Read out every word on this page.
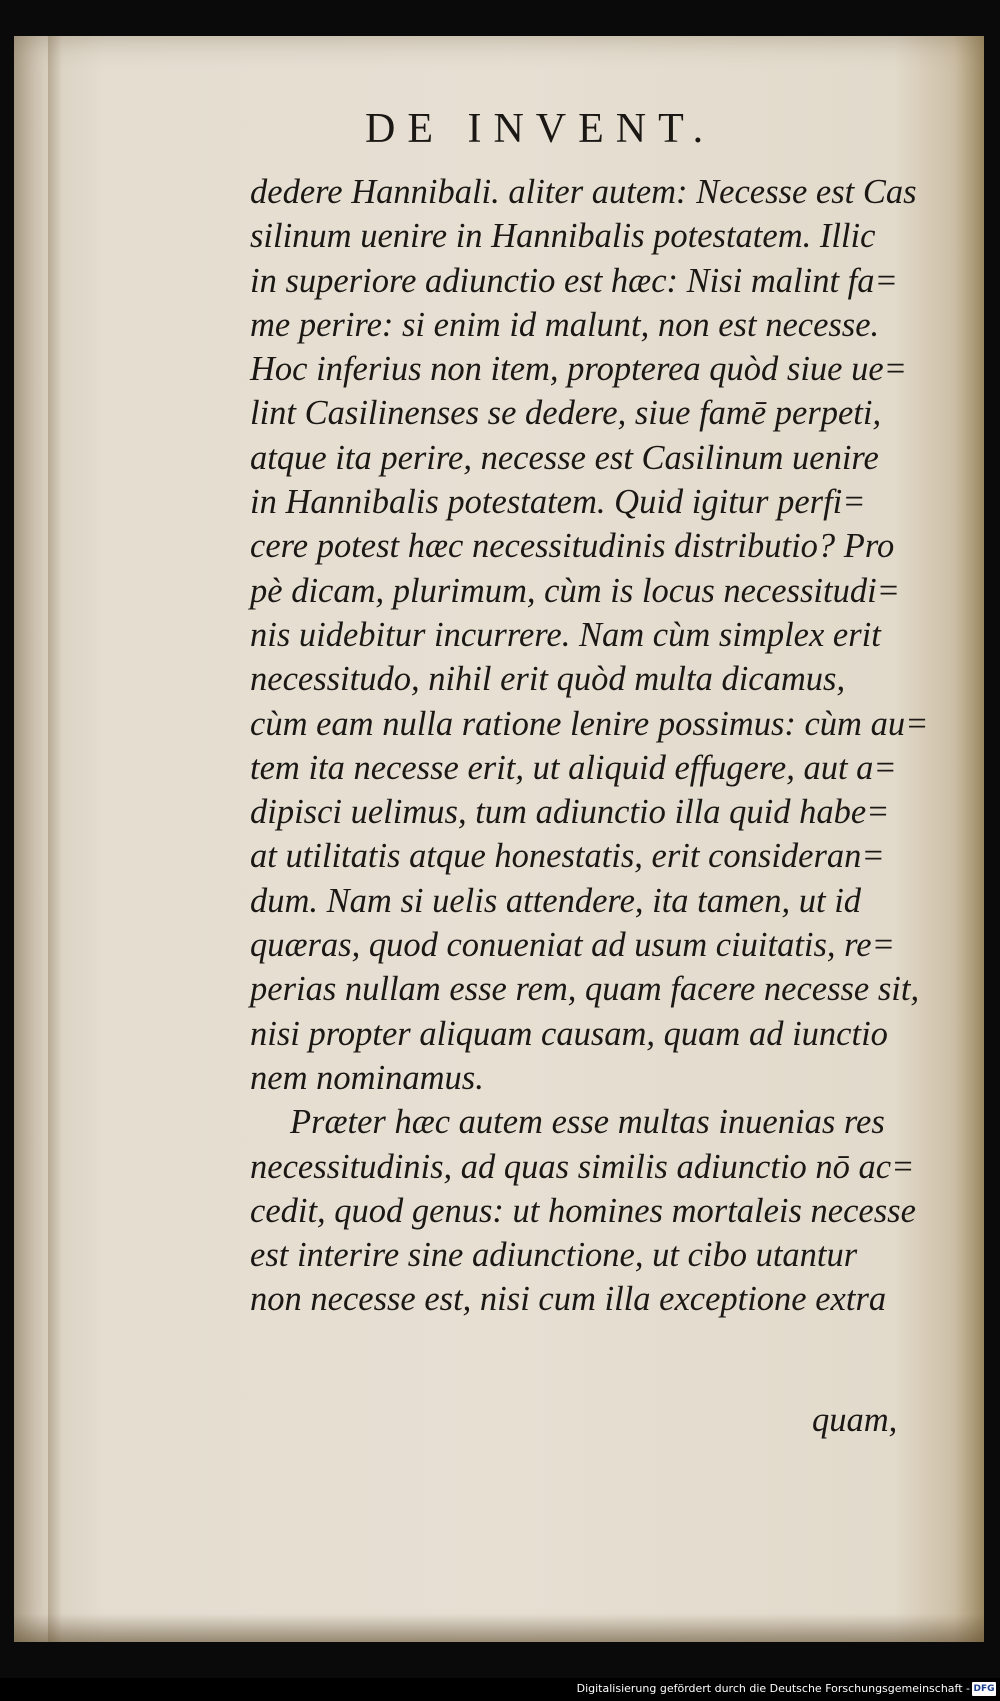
DE INVENT.
dedere Hannibali. aliter autem: Necesse est Cas
silinum uenire in Hannibalis potestatem. Illic
in superiore adiunctio est hæc: Nisi malint fa=
me perire: si enim id malunt, non est necesse.
Hoc inferius non item, propterea quòd siue ue=
lint Casilinenses se dedere, siue famē perpeti,
atque ita perire, necesse est Casilinum uenire
in Hannibalis potestatem. Quid igitur perfi=
cere potest hæc necessitudinis distributio? Pro
pè dicam, plurimum, cùm is locus necessitudi=
nis uidebitur incurrere. Nam cùm simplex erit
necessitudo, nihil erit quòd multa dicamus,
cùm eam nulla ratione lenire possimus: cùm au=
tem ita necesse erit, ut aliquid effugere, aut a=
dipisci uelimus, tum adiunctio illa quid habe=
at utilitatis atque honestatis, erit consideran=
dum. Nam si uelis attendere, ita tamen, ut id
quæras, quod conueniat ad usum ciuitatis, re=
perias nullam esse rem, quam facere necesse sit,
nisi propter aliquam causam, quam ad iunctio
nem nominamus.
Præter hæc autem esse multas inuenias res
necessitudinis, ad quas similis adiunctio nō ac=
cedit, quod genus: ut homines mortaleis necesse
est interire sine adiunctione, ut cibo utantur
non necesse est, nisi cum illa exceptione extra
quam,
Digitalisierung gefördert durch die Deutsche Forschungsgemeinschaft - DFG
